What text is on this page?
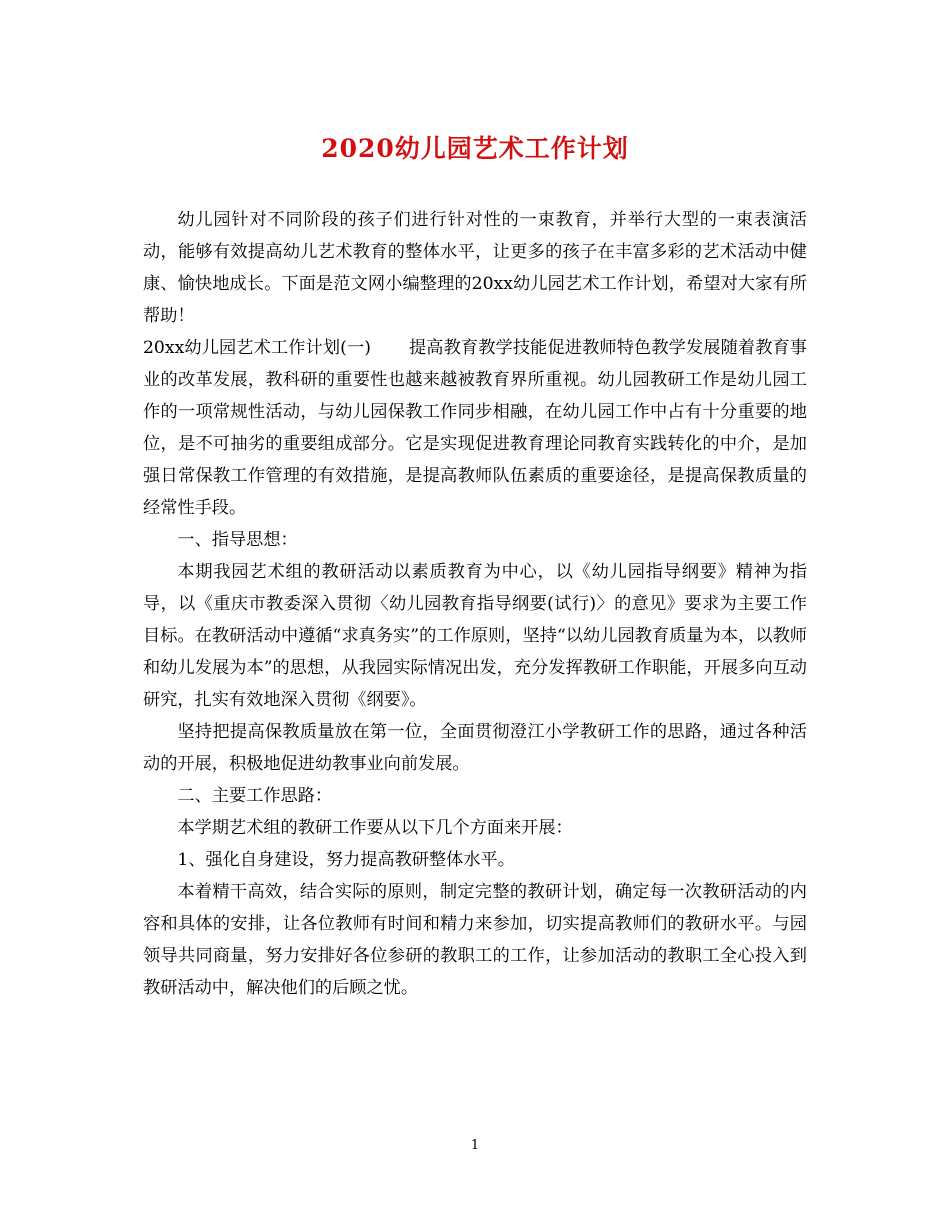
2020幼儿园艺术工作计划

幼儿园针对不同阶段的孩子们进行针对性的一束教育，并举行大型的一束表演活动，能够有效提高幼儿艺术教育的整体水平，让更多的孩子在丰富多彩的艺术活动中健康、愉快地成长。下面是范文网小编整理的20xx幼儿园艺术工作计划，希望对大家有所帮助！

20xx幼儿园艺术工作计划(一) 提高教育教学技能促进教师特色教学发展随着教育事业的改革发展，教科研的重要性也越来越被教育界所重视。幼儿园教研工作是幼儿园工作的一项常规性活动，与幼儿园保教工作同步相融，在幼儿园工作中占有十分重要的地位，是不可抽劣的重要组成部分。它是实现促进教育理论同教育实践转化的中介，是加强日常保教工作管理的有效措施，是提高教师队伍素质的重要途径，是提高保教质量的经常性手段。

一、指导思想：

本期我园艺术组的教研活动以素质教育为中心，以《幼儿园指导纲要》精神为指导，以《重庆市教委深入贯彻〈幼儿园教育指导纲要(试行)〉的意见》要求为主要工作目标。在教研活动中遵循“求真务实”的工作原则，坚持“以幼儿园教育质量为本，以教师和幼儿发展为本”的思想，从我园实际情况出发，充分发挥教研工作职能，开展多向互动研究，扎实有效地深入贯彻《纲要》。

坚持把提高保教质量放在第一位，全面贯彻澄江小学教研工作的思路，通过各种活动的开展，积极地促进幼教事业向前发展。

二、主要工作思路：

本学期艺术组的教研工作要从以下几个方面来开展：

1、强化自身建设，努力提高教研整体水平。

本着精干高效，结合实际的原则，制定完整的教研计划，确定每一次教研活动的内容和具体的安排，让各位教师有时间和精力来参加，切实提高教师们的教研水平。与园领导共同商量，努力安排好各位参研的教职工的工作，让参加活动的教职工全心投入到教研活动中，解决他们的后顾之忧。

1
